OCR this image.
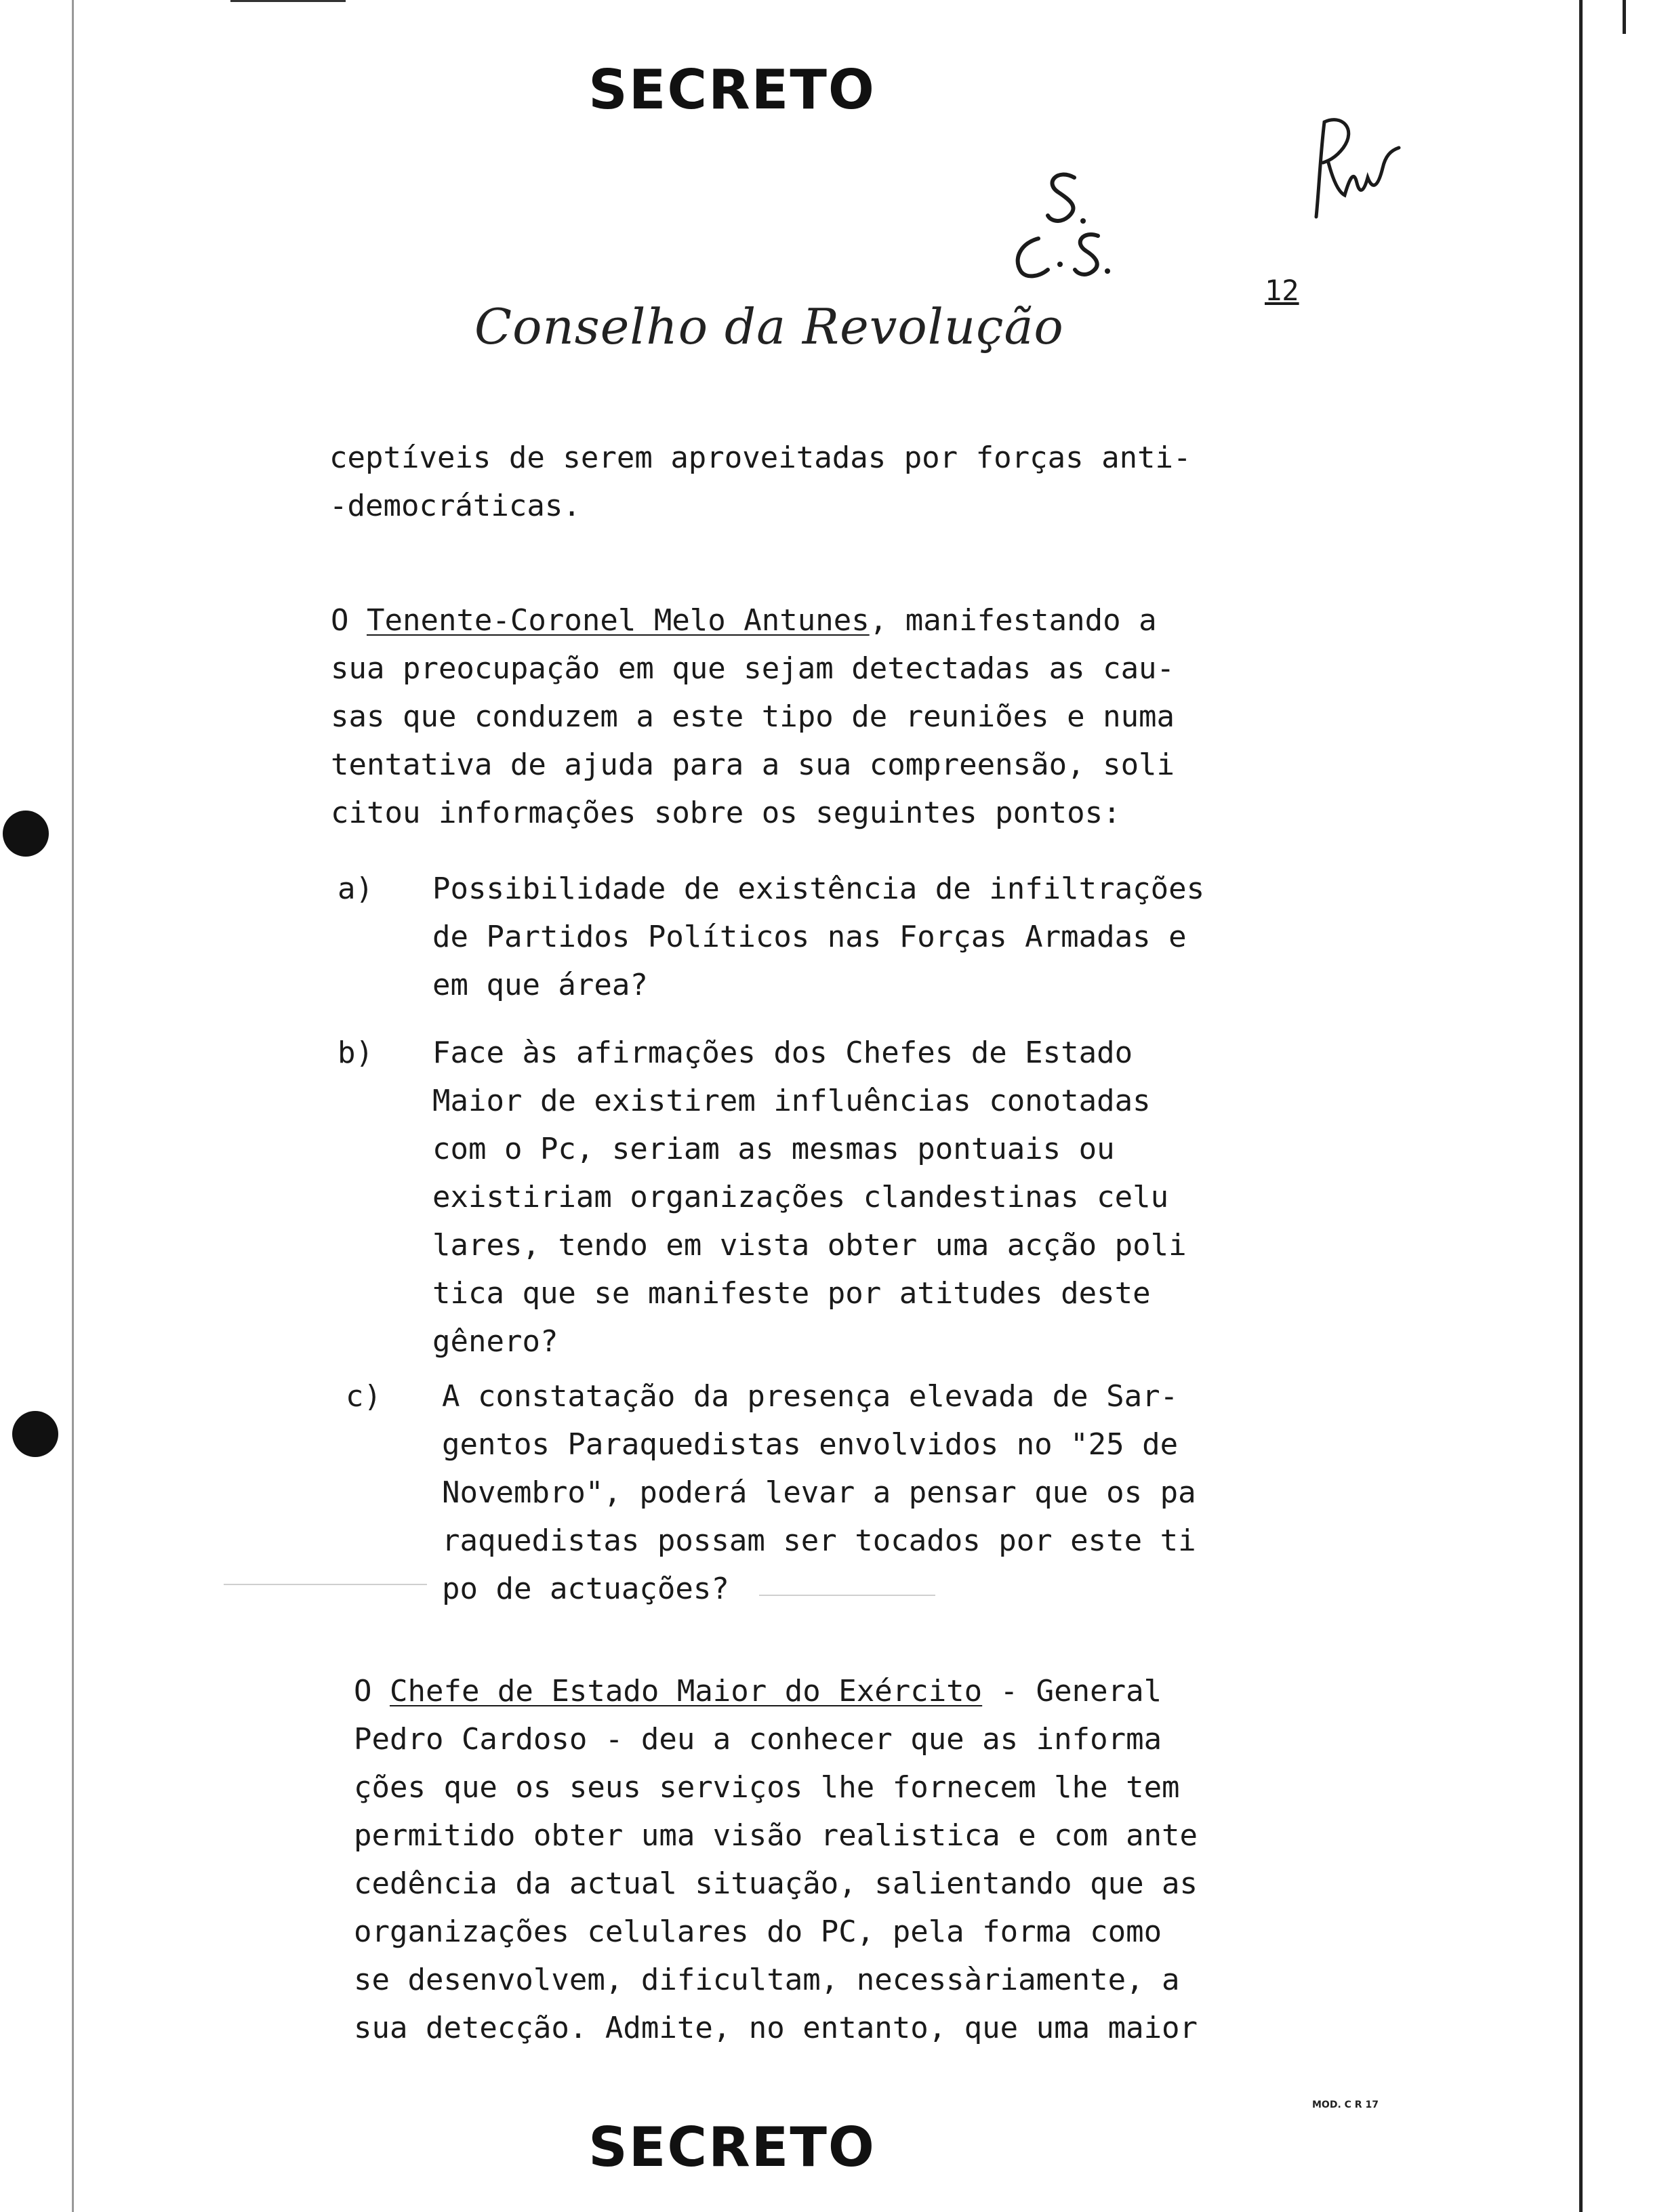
SECRETO
Conselho da Revolução
12
ceptíveis de serem aproveitadas por forças anti-
-democráticas.
O Tenente-Coronel Melo Antunes, manifestando a
sua preocupação em que sejam detectadas as cau-
sas que conduzem a este tipo de reuniões e numa
tentativa de ajuda para a sua compreensão, soli
citou informações sobre os seguintes pontos:
a) Possibilidade de existência de infiltrações
de Partidos Políticos nas Forças Armadas e
em que área?
b) Face às afirmações dos Chefes de Estado
Maior de existirem influências conotadas
com o Pc, seriam as mesmas pontuais ou
existiriam organizações clandestinas celu
lares, tendo em vista obter uma acção poli
tica que se manifeste por atitudes deste
gênero?
c) A constatação da presença elevada de Sar-
gentos Paraquedistas envolvidos no "25 de
Novembro", poderá levar a pensar que os pa
raquedistas possam ser tocados por este ti
po de actuações?
O Chefe de Estado Maior do Exército - General
Pedro Cardoso - deu a conhecer que as informa
ções que os seus serviços lhe fornecem lhe tem
permitido obter uma visão realistica e com ante
cedência da actual situação, salientando que as
organizações celulares do PC, pela forma como
se desenvolvem, dificultam, necessàriamente, a
sua detecção. Admite, no entanto, que uma maior
MOD. C R 17
SECRETO
